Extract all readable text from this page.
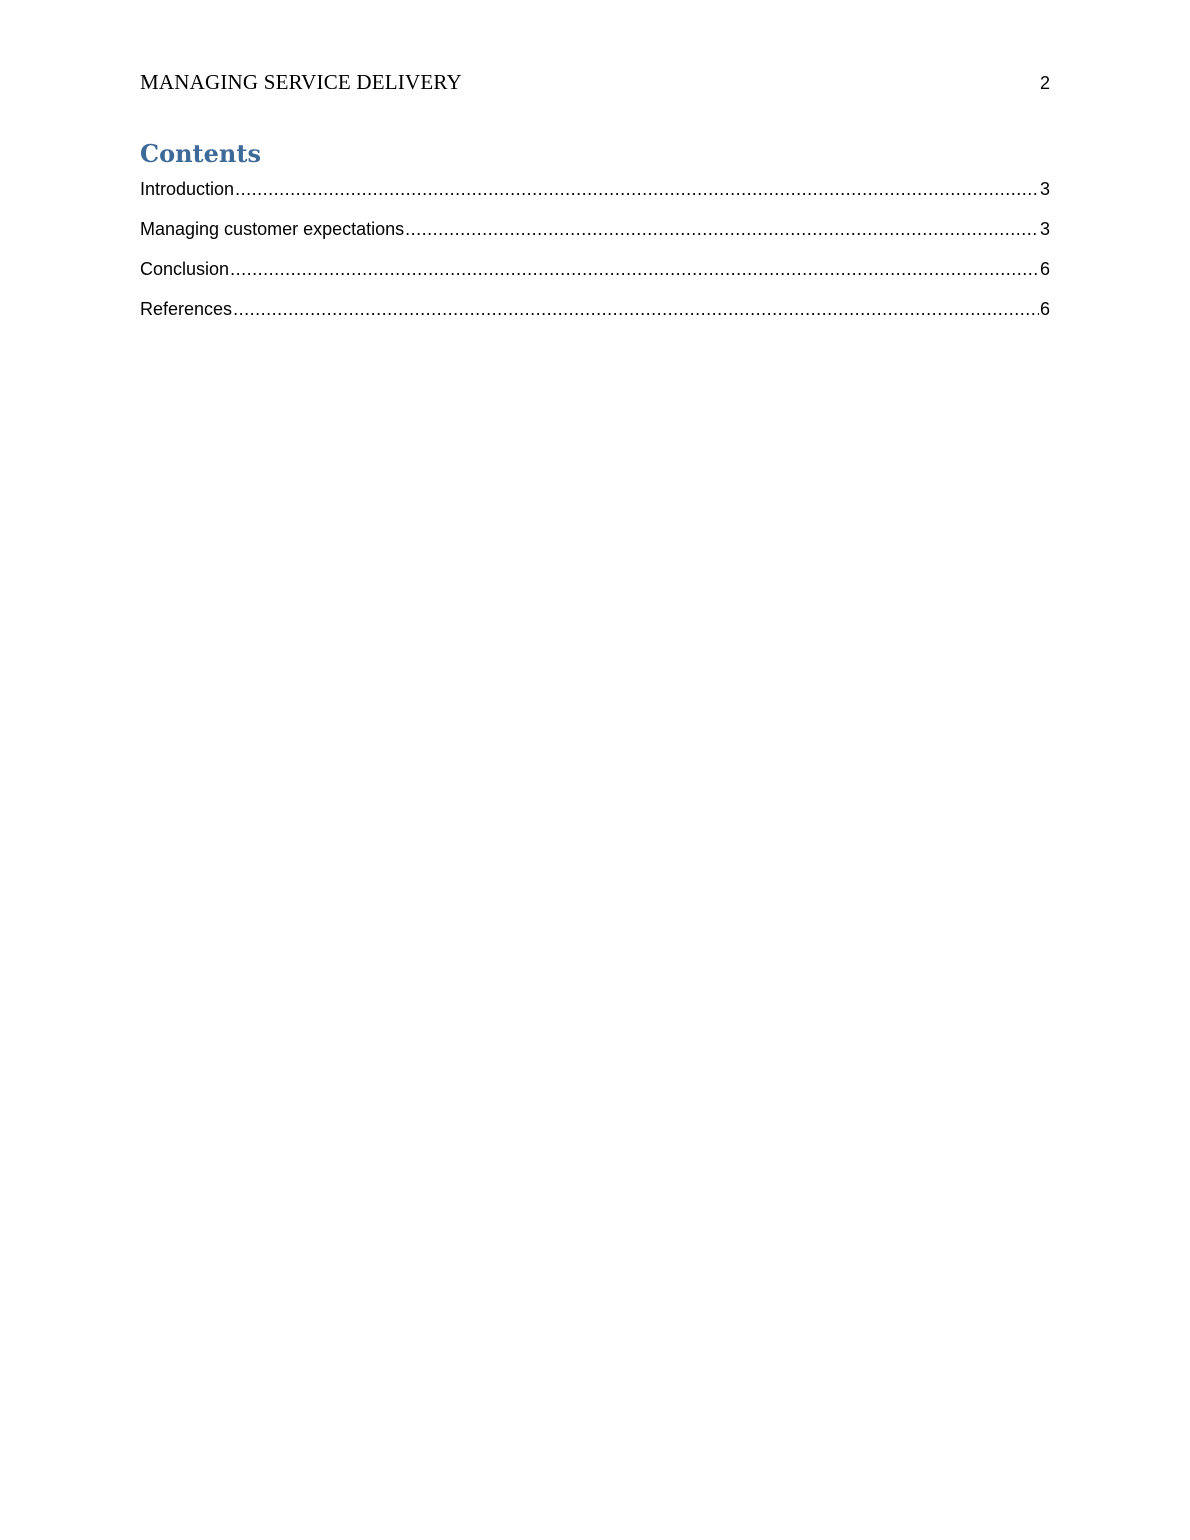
MANAGING SERVICE DELIVERY	2
Contents
Introduction .....	3
Managing customer expectations .....	3
Conclusion .....	6
References .....	6
